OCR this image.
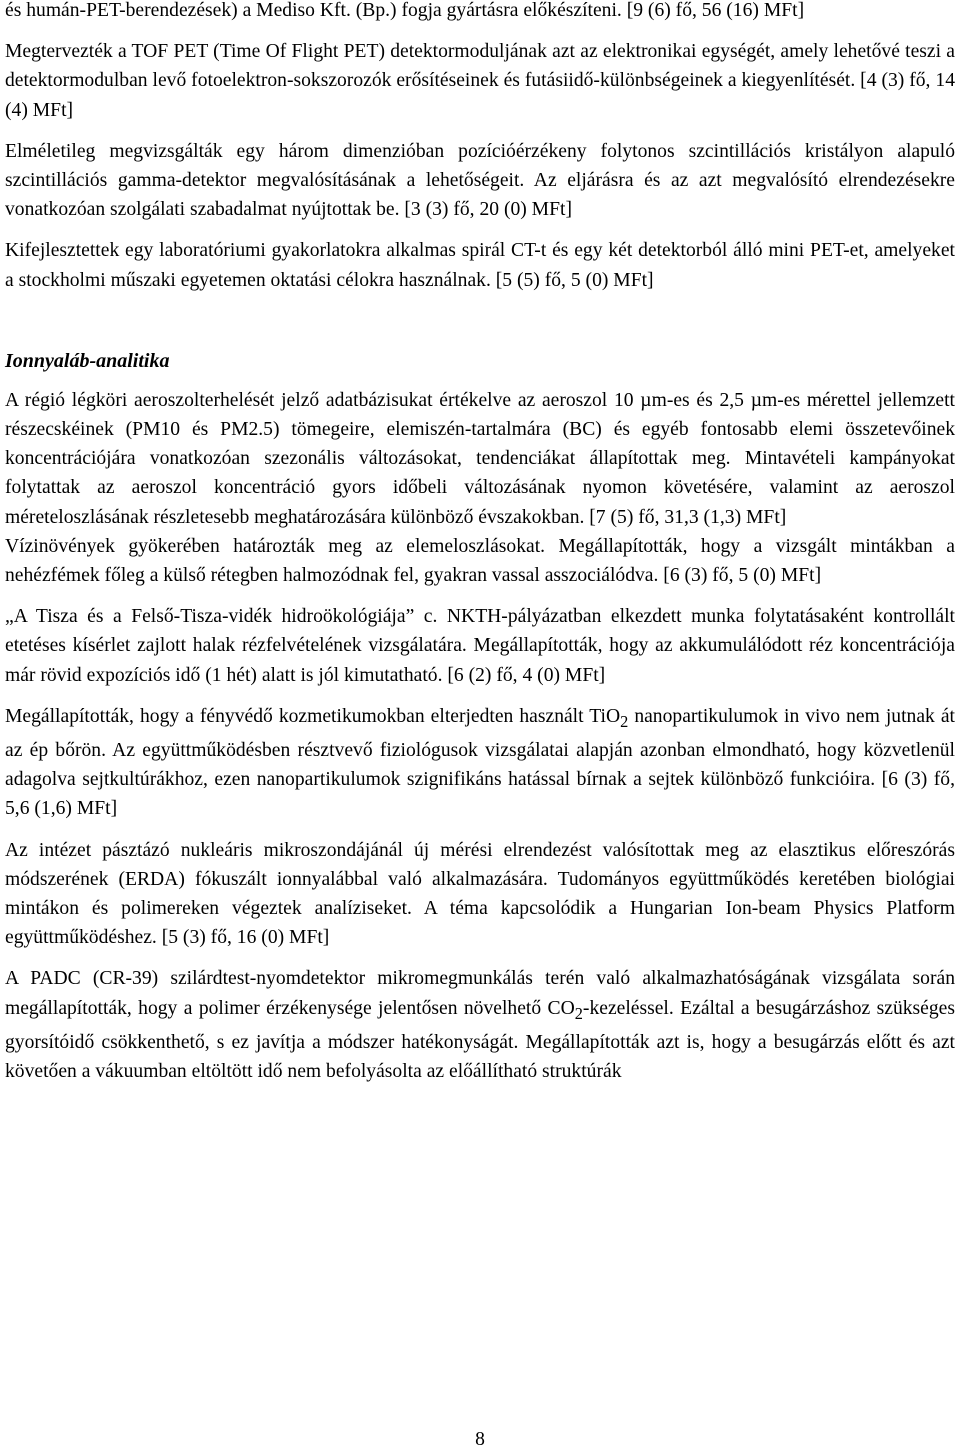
és humán-PET-berendezések) a Mediso Kft. (Bp.) fogja gyártásra előkészíteni. [9 (6) fő, 56 (16) MFt]

Megtervezték a TOF PET (Time Of Flight PET) detektormoduljának azt az elektronikai egységét, amely lehetővé teszi a detektormodulban levő fotoelektron-sokszorozók erősítéseinek és futásiidő-különbségeinek a kiegyenlítését. [4 (3) fő, 14 (4) MFt]

Elméletileg megvizsgálták egy három dimenzióban pozícióérzékeny folytonos szcintillációs kristályon alapuló szcintillációs gamma-detektor megvalósításának a lehetőségeit. Az eljárásra és az azt megvalósító elrendezésekre vonatkozóan szolgálati szabadalmat nyújtottak be. [3 (3) fő, 20 (0) MFt]

Kifejlesztettek egy laboratóriumi gyakorlatokra alkalmas spirál CT-t és egy két detektorból álló mini PET-et, amelyeket a stockholmi műszaki egyetemen oktatási célokra használnak. [5 (5) fő, 5 (0) MFt]

Ionnyaláb-analitika

A régió légköri aeroszolterhelését jelző adatbázisukat értékelve az aeroszol 10 µm-es és 2,5 µm-es mérettel jellemzett részecskéinek (PM10 és PM2.5) tömegeire, elemiszén-tartalmára (BC) és egyéb fontosabb elemi összetevőinek koncentrációjára vonatkozóan szezonális változásokat, tendenciákat állapítottak meg. Mintavételi kampányokat folytattak az aeroszol koncentráció gyors időbeli változásának nyomon követésére, valamint az aeroszol méreteloszlásának részletesebb meghatározására különböző évszakokban. [7 (5) fő, 31,3 (1,3) MFt]

Vízinövények gyökerében határozták meg az elemeloszlásokat. Megállapították, hogy a vizsgált mintákban a nehézfémek főleg a külső rétegben halmozódnak fel, gyakran vassal asszociálódva. [6 (3) fő, 5 (0) MFt]

„A Tisza és a Felső-Tisza-vidék hidroökológiája” c. NKTH-pályázatban elkezdett munka folytatásaként kontrollált etetéses kísérlet zajlott halak rézfelvételének vizsgálatára. Megállapították, hogy az akkumulálódott réz koncentrációja már rövid expozíciós idő (1 hét) alatt is jól kimutatható. [6 (2) fő, 4 (0) MFt]

Megállapították, hogy a fényvédő kozmetikumokban elterjedten használt TiO$_2$ nanopartikulumok in vivo nem jutnak át az ép bőrön. Az együttműködésben résztvevő fiziológusok vizsgálatai alapján azonban elmondható, hogy közvetlenül adagolva sejtkultúrákhoz, ezen nanopartikulumok szignifikáns hatással bírnak a sejtek különböző funkcióira. [6 (3) fő, 5,6 (1,6) MFt]

Az intézet pásztázó nukleáris mikroszondájánál új mérési elrendezést valósítottak meg az elasztikus előreszórás módszerének (ERDA) fókuszált ionnyalábbal való alkalmazására. Tudományos együttműködés keretében biológiai mintákon és polimereken végeztek analíziseket. A téma kapcsolódik a Hungarian Ion-beam Physics Platform együttműködéshez. [5 (3) fő, 16 (0) MFt]

A PADC (CR-39) szilárdtest-nyomdetektor mikromegmunkálás terén való alkalmazhatóságának vizsgálata során megállapították, hogy a polimer érzékenysége jelentősen növelhető $CO_2$-kezeléssel. Ezáltal a besugárzáshoz szükséges gyorsítóidő csökkenthető, s ez javítja a módszer hatékonyságát. Megállapították azt is, hogy a besugárzás előtt és azt követően a vákuumban eltöltött idő nem befolyásolta az előállítható struktúrák

8
